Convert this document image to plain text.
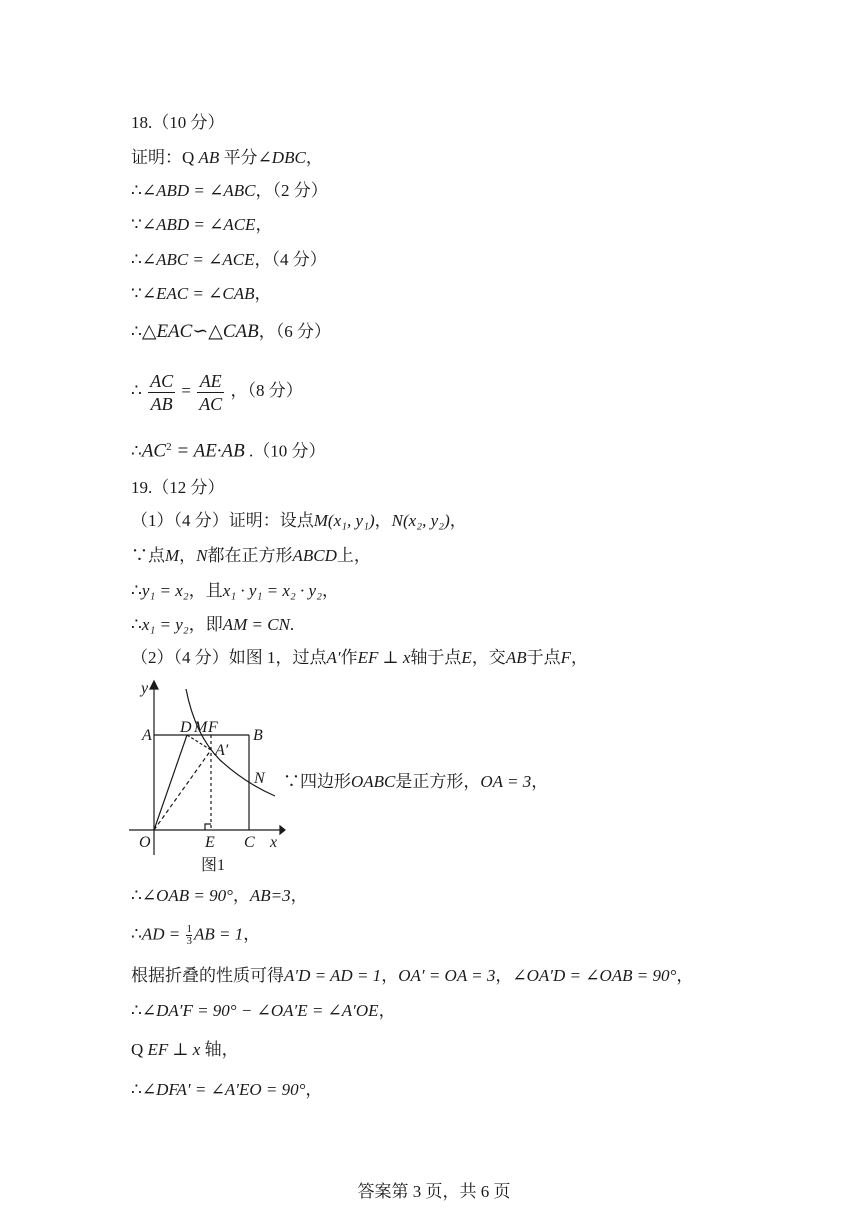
18.（10 分）
证明：Q AB 平分∠DBC，
∴∠ABD = ∠ABC，（2 分）
∵∠ABD = ∠ACE，
∴∠ABC = ∠ACE，（4 分）
∵∠EAC = ∠CAB，
∴△EAC∽△CAB，（6 分）
∴ $\frac{AC}{AB} = \frac{AE}{AC}$ ，（8 分）
$\therefore AC^2 = AE\cdot AB$ .（10 分）
19.（12 分）
（1）（4 分）证明：设点M(x₁, y₁)，N(x₂, y₂)，
∵点M，N都在正方形ABCD上，
∴y₁ = x₂，且x₁ · y₁ = x₂ · y₂，
∴x₁ = y₂，即AM = CN.
（2）（4 分）如图 1，过点A′作EF ⊥ x轴于点E，交AB于点F，
y
x
O
A	B
C
D M F
A′
N
E
图1
∵四边形OABC是正方形，OA = 3，
∴∠OAB = 90°，AB=3，
∴AD = $\frac{1}{3}$ AB = 1，
根据折叠的性质可得A′D = AD = 1，OA′ = OA = 3，∠OA′D = ∠OAB = 90°，
∴∠DA′F = 90° − ∠OA′E = ∠A′OE，
Q EF ⊥ x 轴，
∴∠DFA′ = ∠A′EO = 90°，
答案第 3 页，共 6 页
